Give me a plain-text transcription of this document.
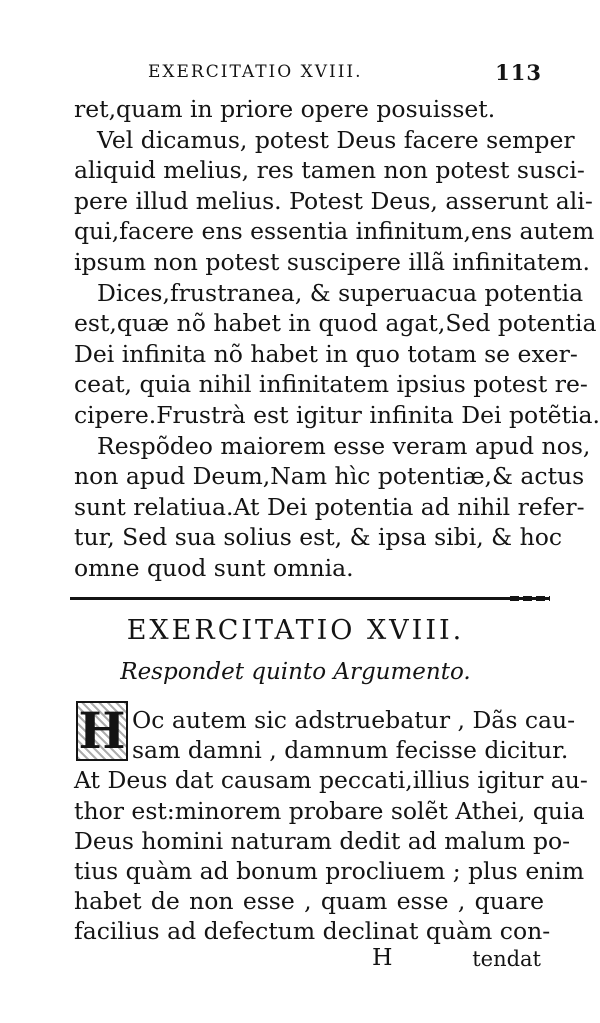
EXERCITATIO XVIII.	113
ret,quam in priore opere posuisset.
Vel dicamus, potest Deus facere semper
aliquid melius, res tamen non potest susci-
pere illud melius. Potest Deus, asserunt ali-
qui,facere ens essentia infinitum,ens autem
ipsum non potest suscipere illã infinitatem.
Dices,frustranea, & superuacua potentia
est,quæ nõ habet in quod agat,Sed potentia
Dei infinita nõ habet in quo totam se exer-
ceat, quia nihil infinitatem ipsius potest re-
cipere.Frustrà est igitur infinita Dei potẽtia.
Respõdeo maiorem esse veram apud nos,
non apud Deum,Nam hìc potentiæ,& actus
sunt relatiua.At Dei potentia ad nihil refer-
tur, Sed sua solius est, & ipsa sibi, & hoc
omne quod sunt omnia.
EXERCITATIO XVIII.
Respondet quinto Argumento.
H Oc autem sic adstruebatur , Dãs cau-
sam damni , damnum fecisse dicitur.
At Deus dat causam peccati,illius igitur au-
thor est:minorem probare solẽt Athei, quia
Deus homini naturam dedit ad malum po-
tius quàm ad bonum procliuem ; plus enim
habet de non esse , quam esse , quare
facilius ad defectum declinat quàm con-
H	tendat
